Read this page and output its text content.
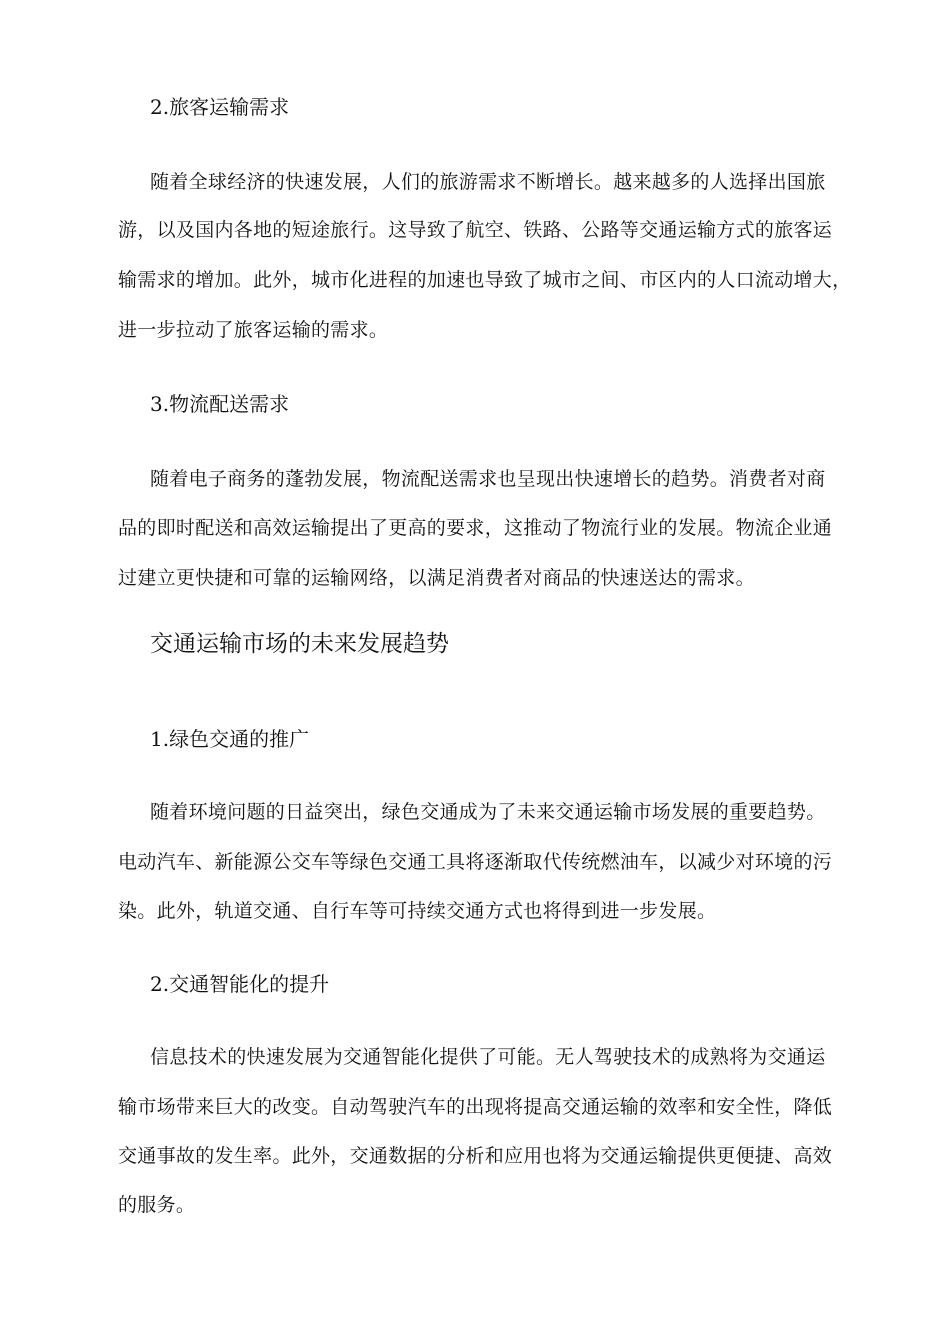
2.旅客运输需求
随着全球经济的快速发展，人们的旅游需求不断增长。越来越多的人选择出国旅
游，以及国内各地的短途旅行。这导致了航空、铁路、公路等交通运输方式的旅客运
输需求的增加。此外，城市化进程的加速也导致了城市之间、市区内的人口流动增大，
进一步拉动了旅客运输的需求。
3.物流配送需求
随着电子商务的蓬勃发展，物流配送需求也呈现出快速增长的趋势。消费者对商
品的即时配送和高效运输提出了更高的要求，这推动了物流行业的发展。物流企业通
过建立更快捷和可靠的运输网络，以满足消费者对商品的快速送达的需求。
交通运输市场的未来发展趋势
1.绿色交通的推广
随着环境问题的日益突出，绿色交通成为了未来交通运输市场发展的重要趋势。
电动汽车、新能源公交车等绿色交通工具将逐渐取代传统燃油车，以减少对环境的污
染。此外，轨道交通、自行车等可持续交通方式也将得到进一步发展。
2.交通智能化的提升
信息技术的快速发展为交通智能化提供了可能。无人驾驶技术的成熟将为交通运
输市场带来巨大的改变。自动驾驶汽车的出现将提高交通运输的效率和安全性，降低
交通事故的发生率。此外，交通数据的分析和应用也将为交通运输提供更便捷、高效
的服务。
